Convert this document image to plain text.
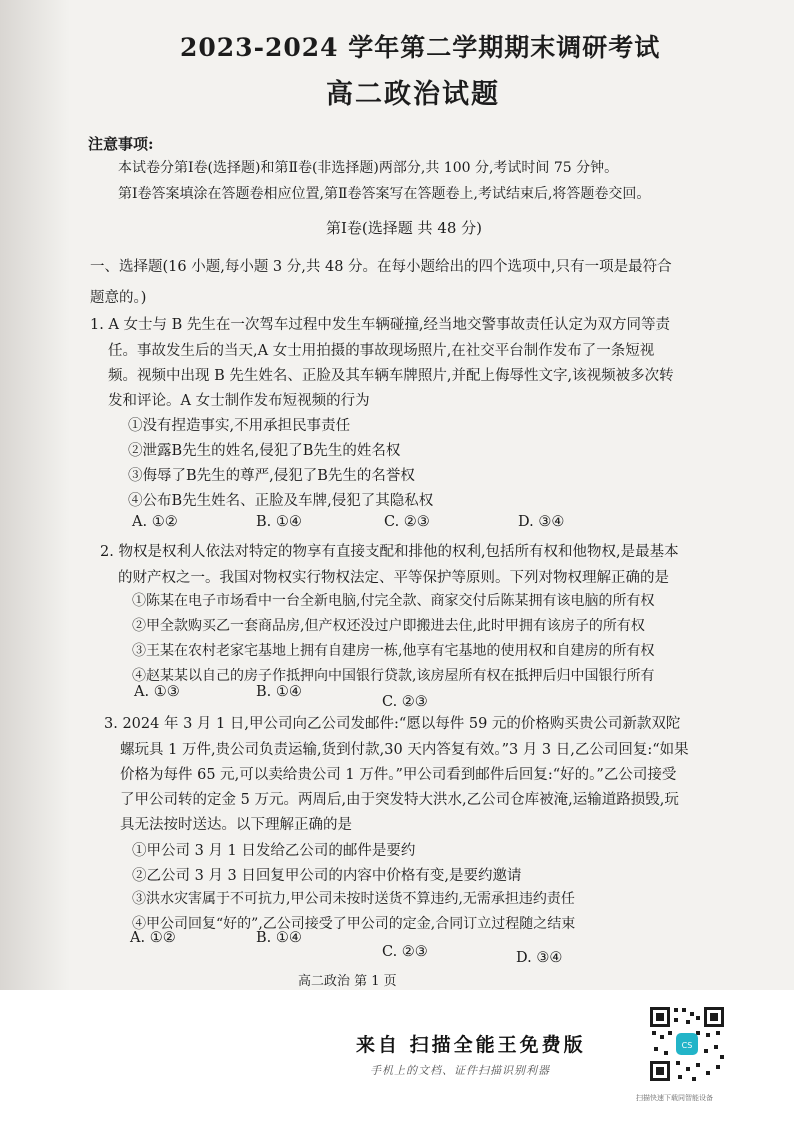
2023-2024 学年第二学期期末调研考试
高二政治试题
注意事项:
本试卷分第Ⅰ卷(选择题)和第Ⅱ卷(非选择题)两部分,共 100 分,考试时间 75 分钟。
第Ⅰ卷答案填涂在答题卷相应位置,第Ⅱ卷答案写在答题卷上,考试结束后,将答题卷交回。
第Ⅰ卷(选择题 共 48 分)
一、选择题(16 小题,每小题 3 分,共 48 分。在每小题给出的四个选项中,只有一项是最符合
题意的。)
1. A 女士与 B 先生在一次驾车过程中发生车辆碰撞,经当地交警事故责任认定为双方同等责
任。事故发生后的当天,A 女士用拍摄的事故现场照片,在社交平台制作发布了一条短视
频。视频中出现 B 先生姓名、正脸及其车辆车牌照片,并配上侮辱性文字,该视频被多次转
发和评论。A 女士制作发布短视频的行为
①没有捏造事实,不用承担民事责任
②泄露B先生的姓名,侵犯了B先生的姓名权
③侮辱了B先生的尊严,侵犯了B先生的名誉权
④公布B先生姓名、正脸及车牌,侵犯了其隐私权
A. ①②	B. ①④	C. ②③	D. ③④
2. 物权是权利人依法对特定的物享有直接支配和排他的权利,包括所有权和他物权,是最基本
的财产权之一。我国对物权实行物权法定、平等保护等原则。下列对物权理解正确的是
①陈某在电子市场看中一台全新电脑,付完全款、商家交付后陈某拥有该电脑的所有权
②甲全款购买乙一套商品房,但产权还没过户即搬进去住,此时甲拥有该房子的所有权
③王某在农村老家宅基地上拥有自建房一栋,他享有宅基地的使用权和自建房的所有权
④赵某某以自己的房子作抵押向中国银行贷款,该房屋所有权在抵押后归中国银行所有
A. ①③	B. ①④
C. ②③
3. 2024 年 3 月 1 日,甲公司向乙公司发邮件:“愿以每件 59 元的价格购买贵公司新款双陀
螺玩具 1 万件,贵公司负责运输,货到付款,30 天内答复有效。”3 月 3 日,乙公司回复:“如果
价格为每件 65 元,可以卖给贵公司 1 万件。”甲公司看到邮件后回复:“好的。”乙公司接受
了甲公司转的定金 5 万元。两周后,由于突发特大洪水,乙公司仓库被淹,运输道路损毁,玩
具无法按时送达。以下理解正确的是
①甲公司 3 月 1 日发给乙公司的邮件是要约
②乙公司 3 月 3 日回复甲公司的内容中价格有变,是要约邀请
③洪水灾害属于不可抗力,甲公司未按时送货不算违约,无需承担违约责任
④甲公司回复“好的”,乙公司接受了甲公司的定金,合同订立过程随之结束
A. ①②	B. ①④
C. ②③	D. ③④
高二政治 第 1 页
来自 扫描全能王免费版
手机上的文档、证件扫描识别利器
CS
扫描快速下载同智能设备
